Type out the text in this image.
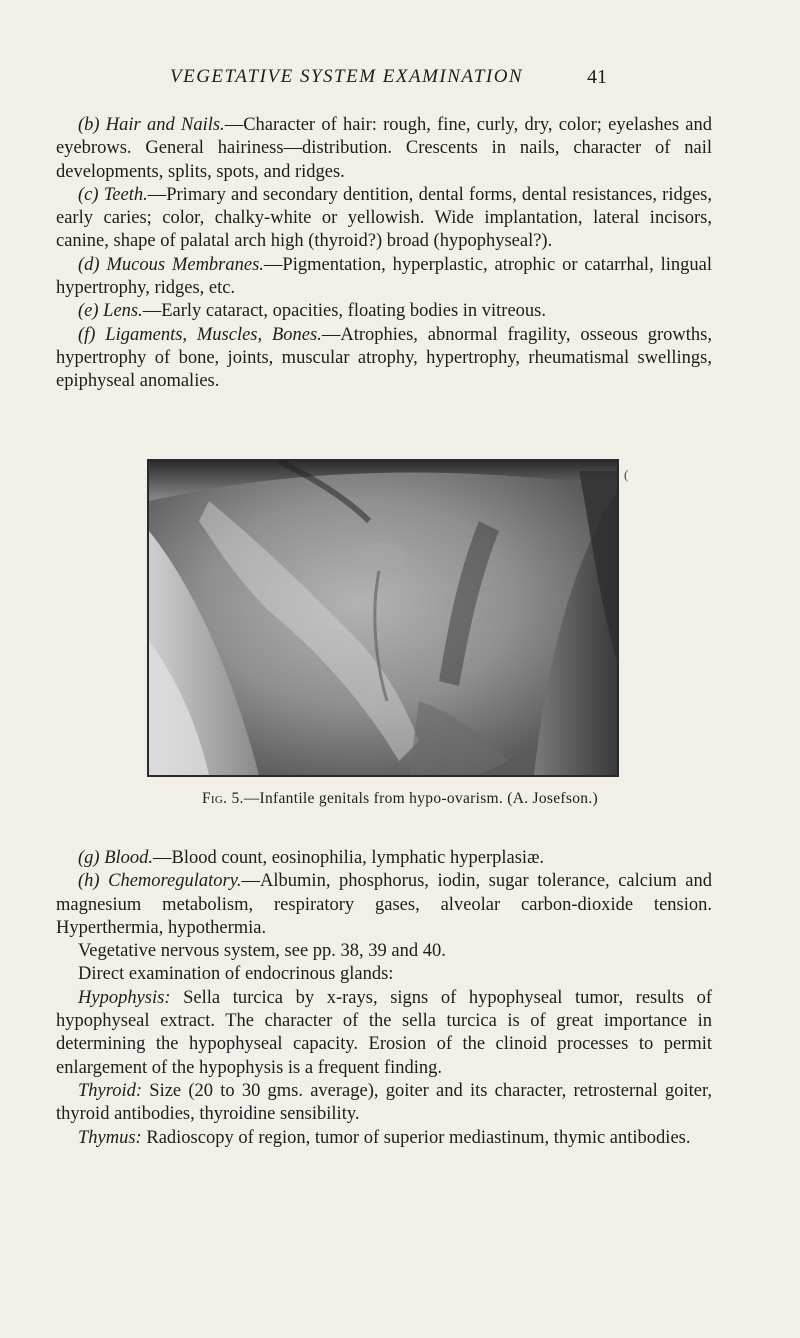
VEGETATIVE SYSTEM EXAMINATION	41

(b) Hair and Nails.—Character of hair: rough, fine, curly, dry, color; eyelashes and eyebrows. General hairiness—distribution. Crescents in nails, character of nail developments, splits, spots, and ridges.

(c) Teeth.—Primary and secondary dentition, dental forms, dental resistances, ridges, early caries; color, chalky-white or yellowish. Wide implantation, lateral incisors, canine, shape of palatal arch high (thyroid?) broad (hypophyseal?).

(d) Mucous Membranes.—Pigmentation, hyperplastic, atrophic or catarrhal, lingual hypertrophy, ridges, etc.

(e) Lens.—Early cataract, opacities, floating bodies in vitreous.

(f) Ligaments, Muscles, Bones.—Atrophies, abnormal fragility, osseous growths, hypertrophy of bone, joints, muscular atrophy, hypertrophy, rheumatismal swellings, epiphyseal anomalies.

(
Fig. 5.—Infantile genitals from hypo-ovarism. (A. Josefson.)

(g) Blood.—Blood count, eosinophilia, lymphatic hyperplasiæ.

(h) Chemoregulatory.—Albumin, phosphorus, iodin, sugar tolerance, calcium and magnesium metabolism, respiratory gases, alveolar carbon-dioxide tension. Hyperthermia, hypothermia.

Vegetative nervous system, see pp. 38, 39 and 40.

Direct examination of endocrinous glands:

Hypophysis: Sella turcica by x-rays, signs of hypophyseal tumor, results of hypophyseal extract. The character of the sella turcica is of great importance in determining the hypophyseal capacity. Erosion of the clinoid processes to permit enlargement of the hypophysis is a frequent finding.

Thyroid: Size (20 to 30 gms. average), goiter and its character, retrosternal goiter, thyroid antibodies, thyroidine sensibility.

Thymus: Radioscopy of region, tumor of superior mediastinum, thymic antibodies.
